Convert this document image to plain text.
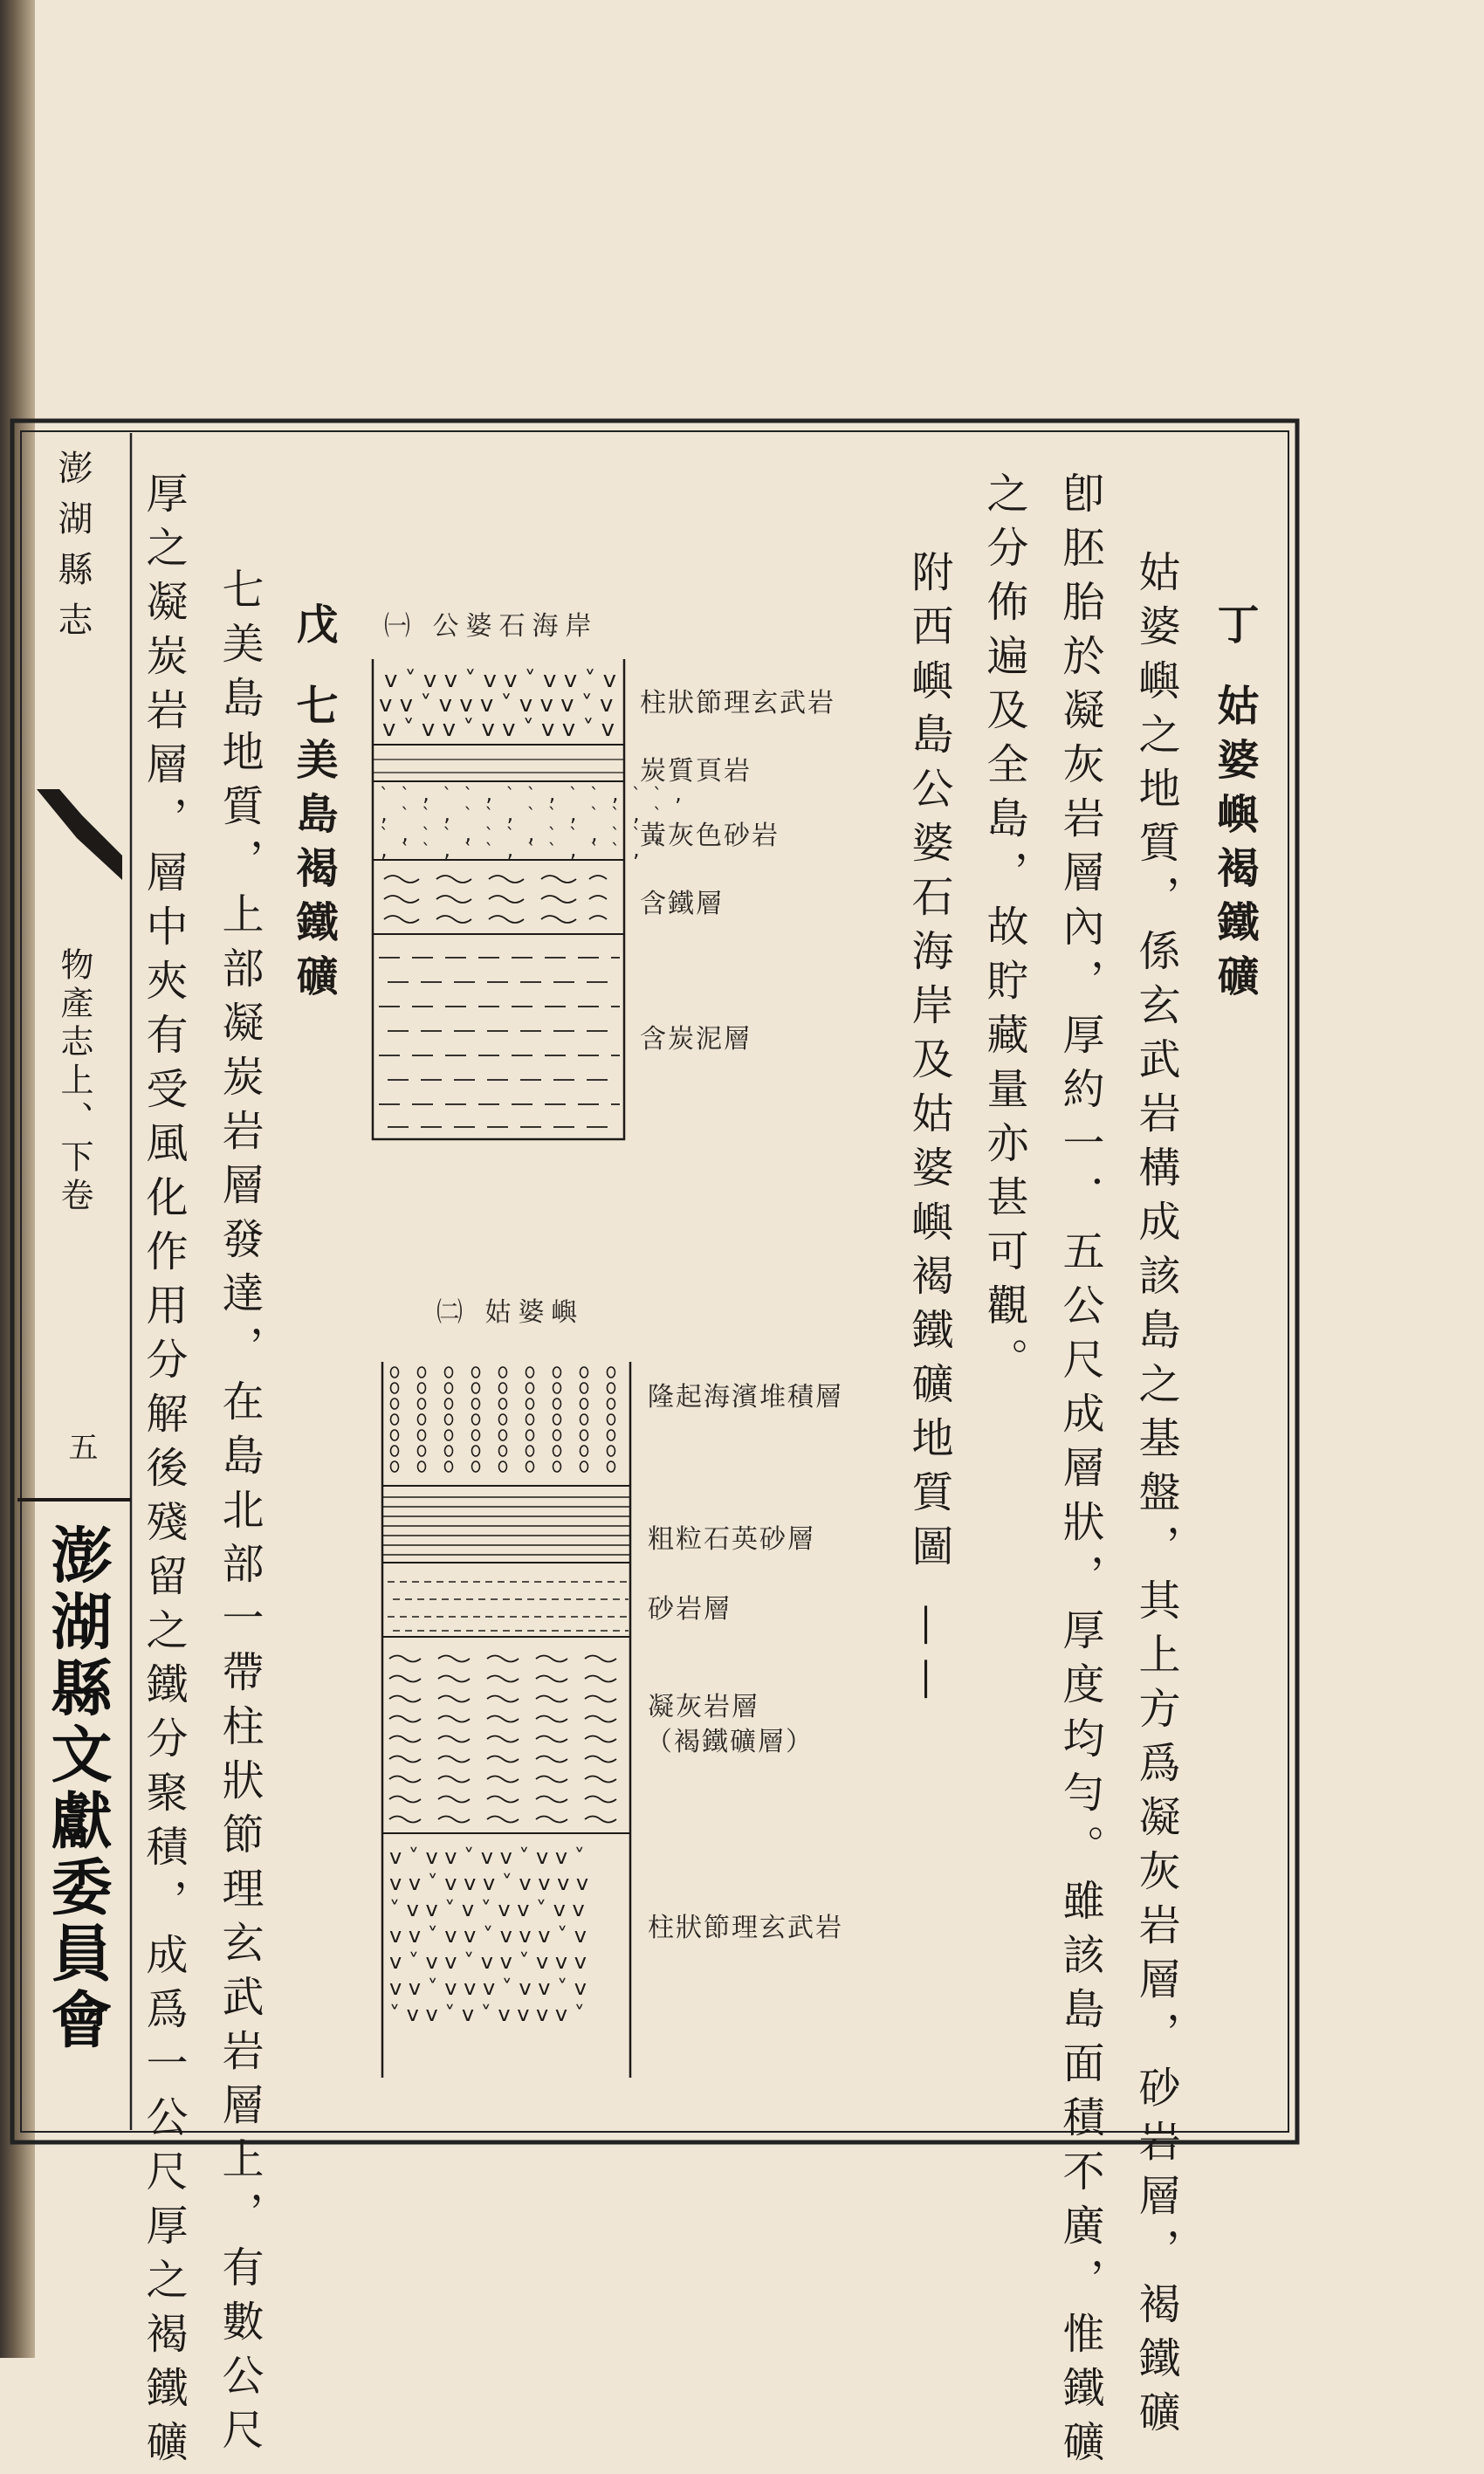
澎湖縣志
物產志上、下卷
五
澎湖縣文獻委員會
丁 姑婆嶼褐鐵礦
姑婆嶼之地質，係玄武岩構成該島之基盤，其上方爲凝灰岩層，砂岩層，褐鐵礦
卽胚胎於凝灰岩層內，厚約一．五公尺成層狀，厚度均勻。雖該島面積不廣，惟鐵礦
之分佈遍及全島，故貯藏量亦甚可觀。
附西嶼島公婆石海岸及姑婆嶼褐鐵礦地質圖 ——
戊 七美島褐鐵礦
七美島地質，上部凝炭岩層發達，在島北部一帶柱狀節理玄武岩層上，有數公尺
厚之凝炭岩層，層中夾有受風化作用分解後殘留之鐵分聚積，成爲一公尺厚之褐鐵礦	㈠ 公婆石海岸
v ˅ v v ˅ v v ˅ v v ˅ v
v v ˅ v v v ˅ v v v ˅ v
v ˅ v v ˅ v v ˅ v v ˅ v
` ` , ` ` , ` ` , ` ` , ` ` ,
, ` ` , ` ` , ` ` , ` ` , `
` , ` ` , ` ` , ` ` , ` ` ,
, ` ` , ` ` , ` ` , ` ` , `
柱狀節理玄武岩
炭質頁岩
黃灰色砂岩
含鐵層
含炭泥層
㈡ 姑婆嶼
v ˅ v v ˅ v v ˅ v v ˅
v v ˅ v v v ˅ v v v v
˅ v v ˅ v ˅ v v ˅ v v
v v ˅ v v ˅ v v v ˅ v
v ˅ v v ˅ v v ˅ v v v
v v ˅ v v v ˅ v v ˅ v
˅ v v ˅ v ˅ v v v v ˅
隆起海濱堆積層
粗粒石英砂層
砂岩層
凝灰岩層
（褐鐵礦層）
柱狀節理玄武岩
